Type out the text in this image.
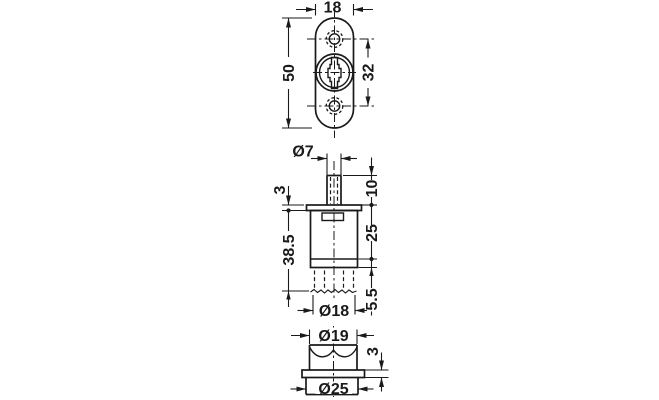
18
50	32
Ø7
3	10
38.5
25
5.5
Ø18
Ø19
3
Ø25
